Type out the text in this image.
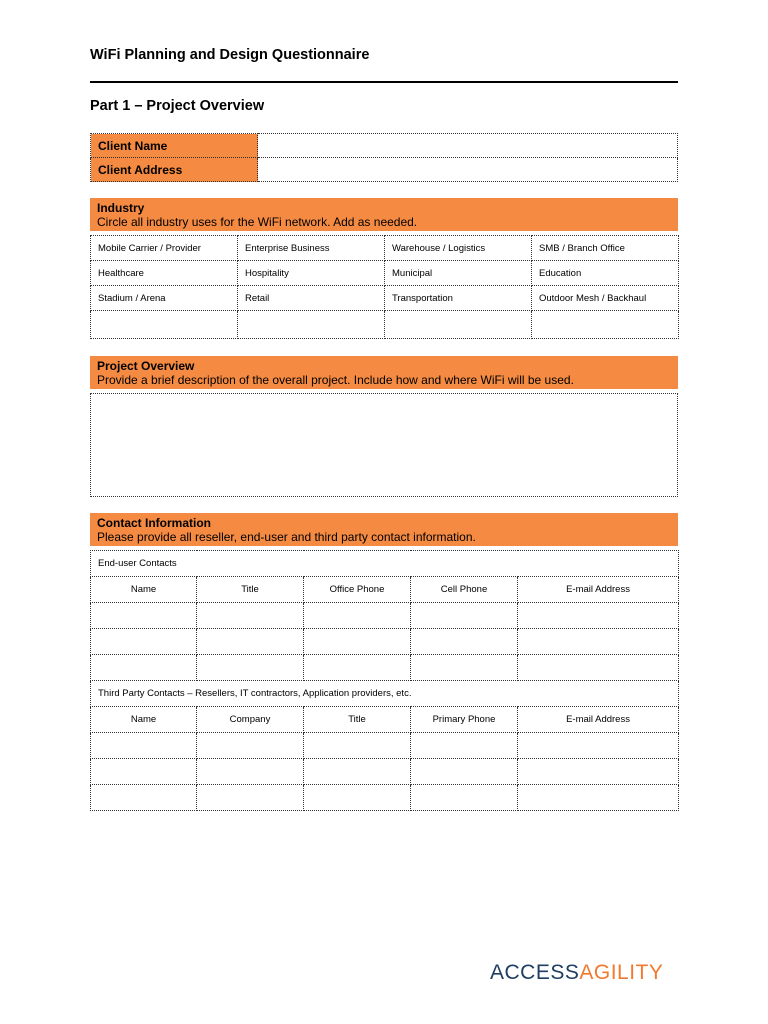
WiFi Planning and Design Questionnaire
Part 1 – Project Overview
Client Name	
Client Address	
Industry
Circle all industry uses for the WiFi network. Add as needed.
Mobile Carrier / Provider	Enterprise Business	Warehouse / Logistics	SMB / Branch Office
Healthcare	Hospitality	Municipal	Education
Stadium / Arena	Retail	Transportation	Outdoor Mesh / Backhaul

Project Overview
Provide a brief description of the overall project. Include how and where WiFi will be used.
Contact Information
Please provide all reseller, end-user and third party contact information.
End-user Contacts				
Name	Title	Office Phone	Cell Phone	E-mail Address

Third Party Contacts – Resellers, IT contractors, Application providers, etc.				
Name	Company	Title	Primary Phone	E-mail Address

ACCESSAGILITY
